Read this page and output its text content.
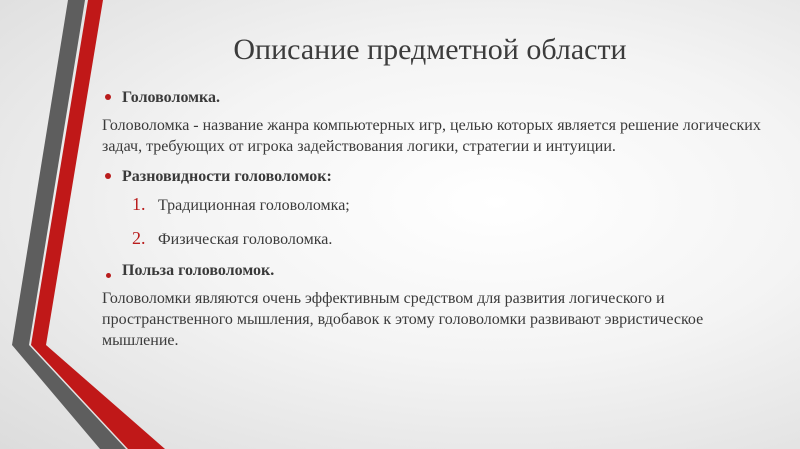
Описание предметной области
Головоломка.
Головоломка - название жанра компьютерных игр, целью которых является решение логических задач, требующих от игрока задействования логики, стратегии и интуиции.
Разновидности головоломок:
1. Традиционная головоломка;
2. Физическая головоломка.
Польза головоломок.
Головоломки являются очень эффективным средством для развития логического и пространственного мышления, вдобавок к этому головоломки развивают эвристическое мышление.
